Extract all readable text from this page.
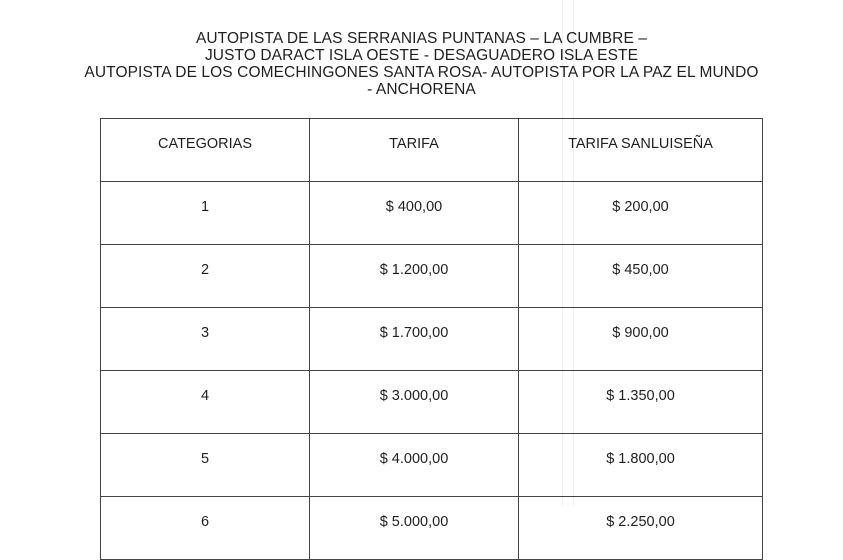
AUTOPISTA DE LAS SERRANIAS PUNTANAS – LA CUMBRE –
JUSTO DARACT ISLA OESTE - DESAGUADERO ISLA ESTE
AUTOPISTA DE LOS COMECHINGONES SANTA ROSA- AUTOPISTA POR LA PAZ EL MUNDO
- ANCHORENA
CATEGORIAS	TARIFA	TARIFA SANLUISEÑA
1	$ 400,00	$ 200,00
2	$ 1.200,00	$ 450,00
3	$ 1.700,00	$ 900,00
4	$ 3.000,00	$ 1.350,00
5	$ 4.000,00	$ 1.800,00
6	$ 5.000,00	$ 2.250,00
